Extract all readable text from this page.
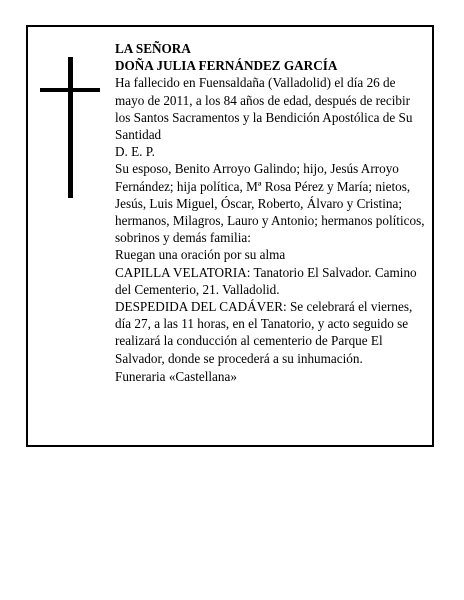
LA SEÑORA

DOÑA JULIA FERNÁNDEZ GARCÍA

Ha fallecido en Fuensaldaña (Valladolid) el día 26 de mayo de 2011, a los 84 años de edad, después de recibir los Santos Sacramentos y la Bendición Apostólica de Su Santidad

D. E. P.

Su esposo, Benito Arroyo Galindo; hijo, Jesús Arroyo Fernández; hija política, Mª Rosa Pérez y María; nietos, Jesús, Luis Miguel, Óscar, Roberto, Álvaro y Cristina; hermanos, Milagros, Lauro y Antonio; hermanos políticos, sobrinos y demás familia:

Ruegan una oración por su alma

CAPILLA VELATORIA: Tanatorio El Salvador. Camino del Cementerio, 21. Valladolid.

DESPEDIDA DEL CADÁVER: Se celebrará el viernes, día 27, a las 11 horas, en el Tanatorio, y acto seguido se realizará la conducción al cementerio de Parque El Salvador, donde se procederá a su inhumación.

Funeraria «Castellana»
